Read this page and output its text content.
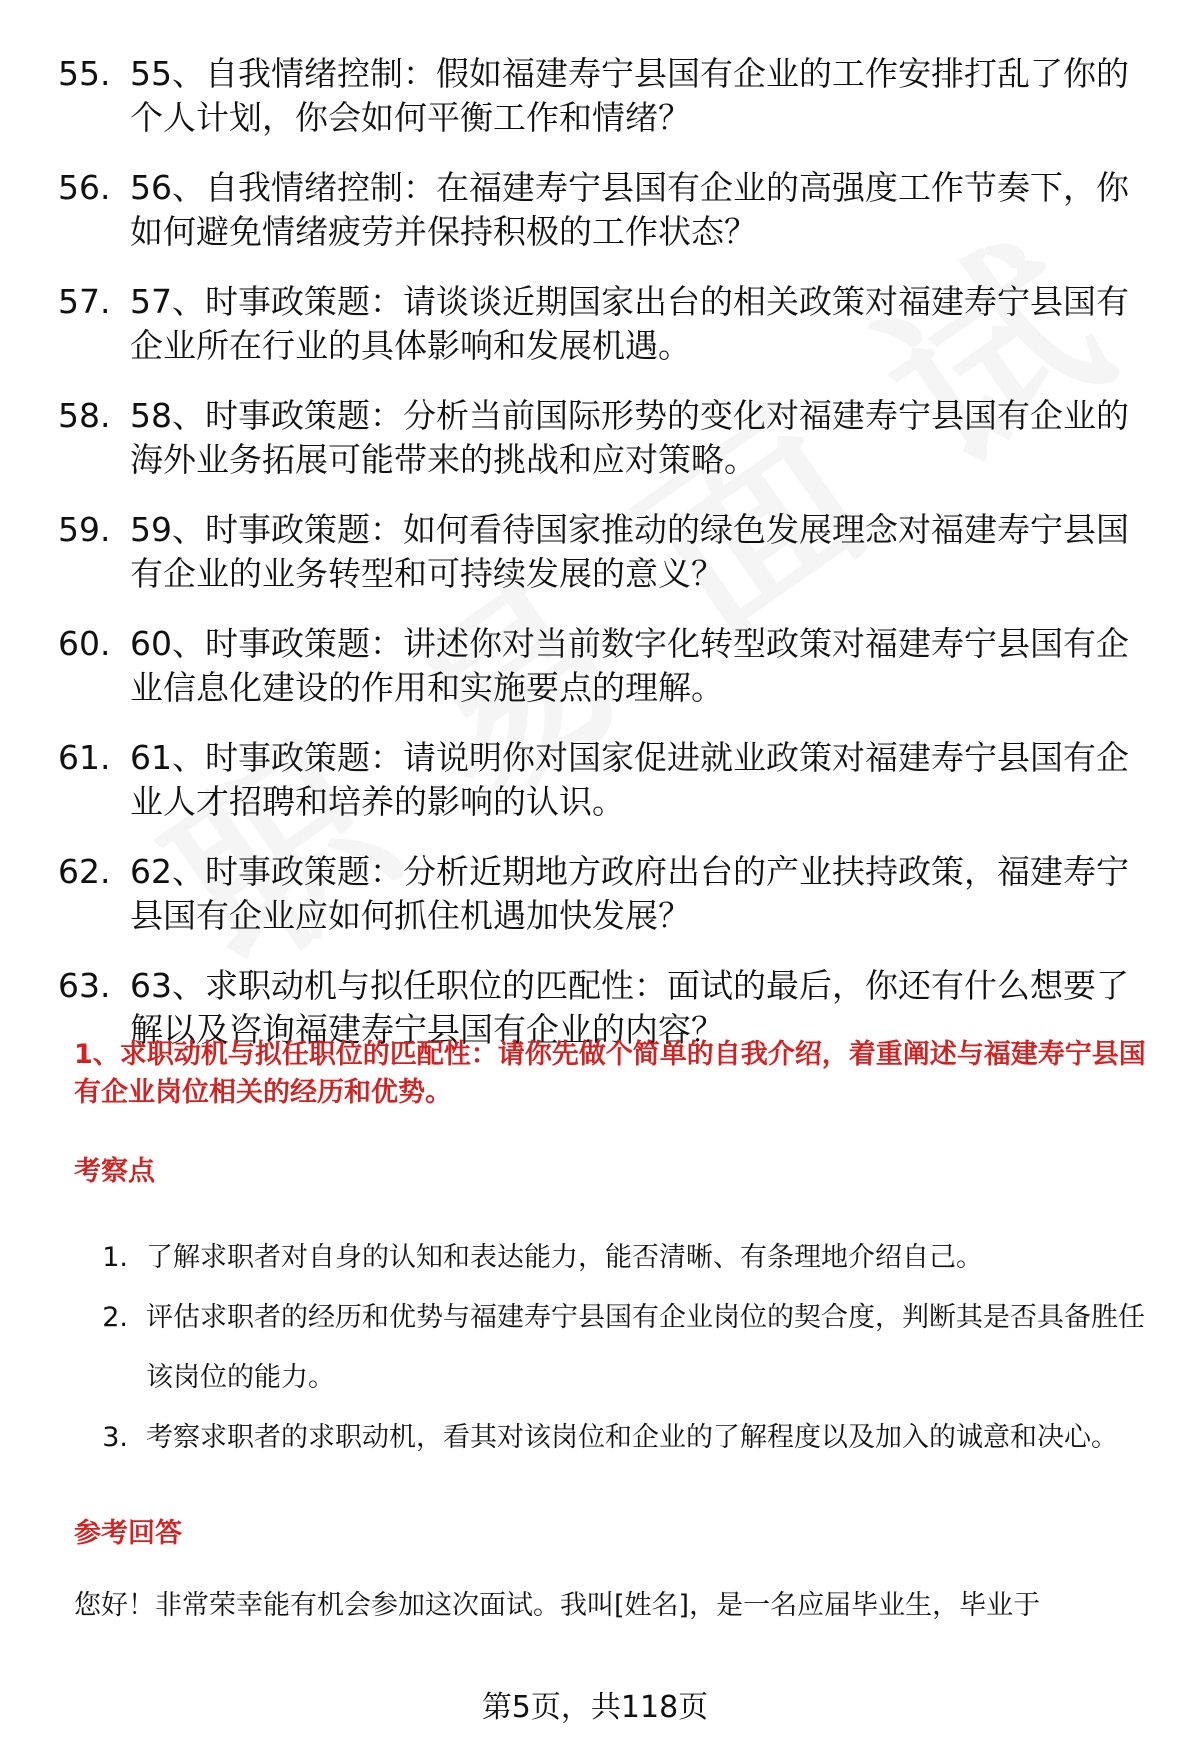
55. 55、自我情绪控制：假如福建寿宁县国有企业的工作安排打乱了你的个人计划，你会如何平衡工作和情绪？
56. 56、自我情绪控制：在福建寿宁县国有企业的高强度工作节奏下，你如何避免情绪疲劳并保持积极的工作状态？
57. 57、时事政策题：请谈谈近期国家出台的相关政策对福建寿宁县国有企业所在行业的具体影响和发展机遇。
58. 58、时事政策题：分析当前国际形势的变化对福建寿宁县国有企业的海外业务拓展可能带来的挑战和应对策略。
59. 59、时事政策题：如何看待国家推动的绿色发展理念对福建寿宁县国有企业的业务转型和可持续发展的意义？
60. 60、时事政策题：讲述你对当前数字化转型政策对福建寿宁县国有企业信息化建设的作用和实施要点的理解。
61. 61、时事政策题：请说明你对国家促进就业政策对福建寿宁县国有企业人才招聘和培养的影响的认识。
62. 62、时事政策题：分析近期地方政府出台的产业扶持政策，福建寿宁县国有企业应如何抓住机遇加快发展？
63. 63、求职动机与拟任职位的匹配性：面试的最后，你还有什么想要了解以及咨询福建寿宁县国有企业的内容？

1、求职动机与拟任职位的匹配性：请你先做个简单的自我介绍，着重阐述与福建寿宁县国有企业岗位相关的经历和优势。

考察点
1. 了解求职者对自身的认知和表达能力，能否清晰、有条理地介绍自己。
2. 评估求职者的经历和优势与福建寿宁县国有企业岗位的契合度，判断其是否具备胜任该岗位的能力。
3. 考察求职者的求职动机，看其对该岗位和企业的了解程度以及加入的诚意和决心。
参考回答

您好！非常荣幸能有机会参加这次面试。我叫[姓名]，是一名应届毕业生，毕业于

第5页，共118页
